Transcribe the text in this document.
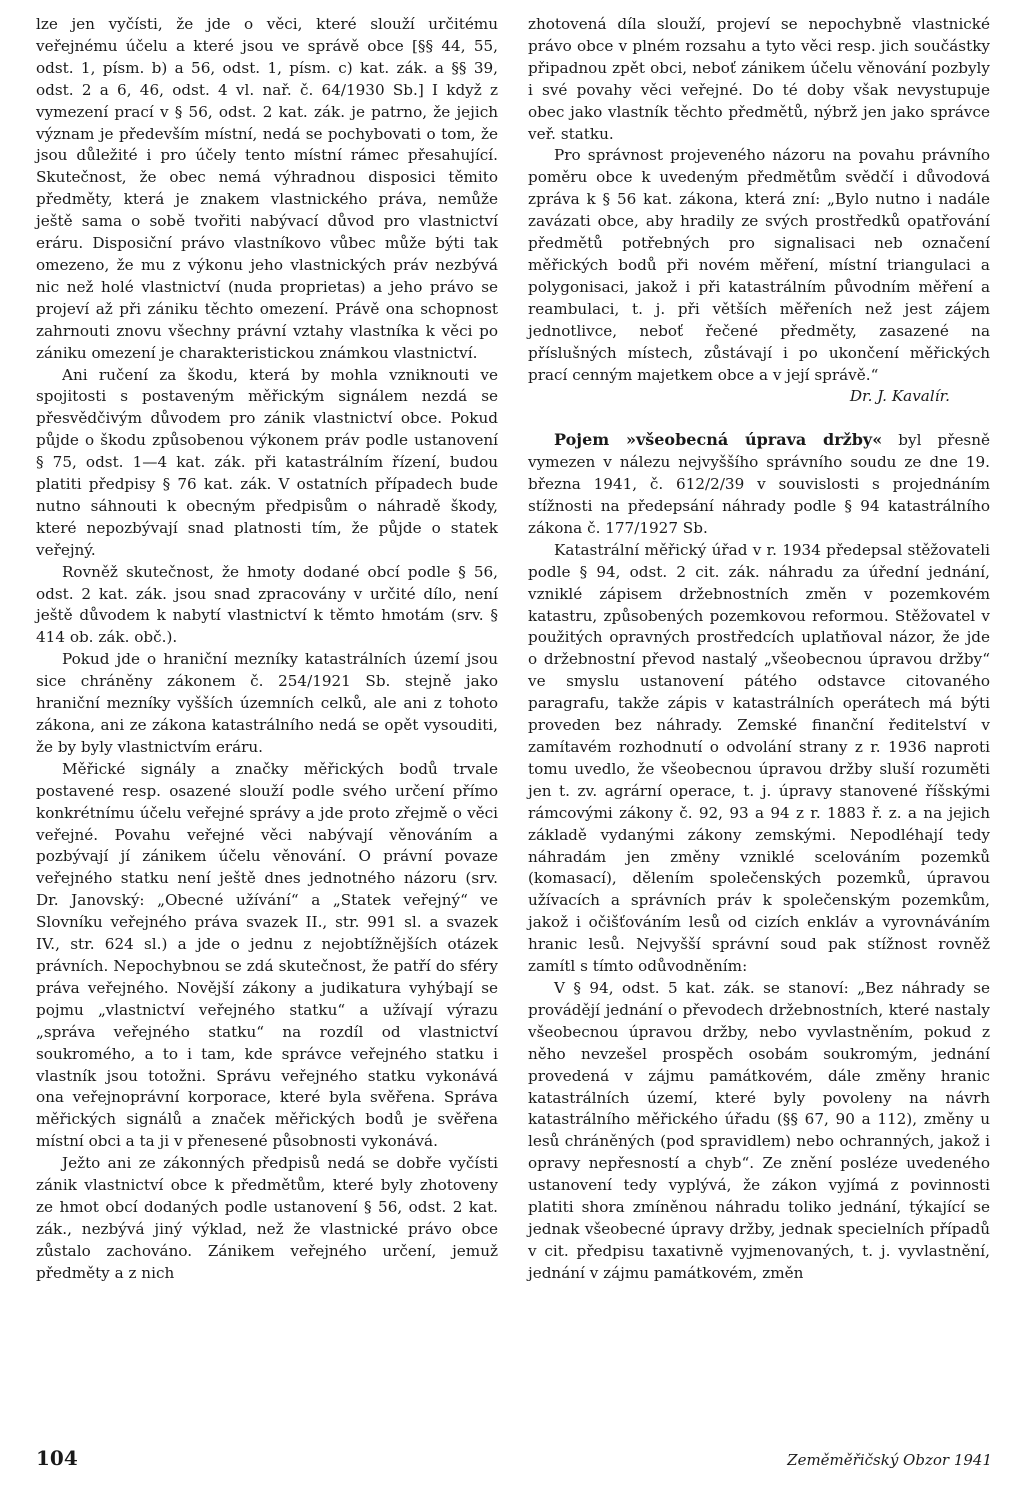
lze jen vyčísti, že jde o věci, které slouží určitému veřejnému účelu a které jsou ve správě obce [§§ 44, 55, odst. 1, písm. b) a 56, odst. 1, písm. c) kat. zák. a §§ 39, odst. 2 a 6, 46, odst. 4 vl. nař. č. 64/1930 Sb.] I když z vymezení prací v § 56, odst. 2 kat. zák. je patrno, že jejich význam je především místní, nedá se pochybovati o tom, že jsou důležité i pro účely tento místní rámec přesahující. Skutečnost, že obec nemá výhradnou disposici těmito předměty, která je znakem vlastnického práva, nemůže ještě sama o sobě tvořiti nabývací důvod pro vlastnictví eráru. Disposiční právo vlastníkovo vůbec může býti tak omezeno, že mu z výkonu jeho vlastnických práv nezbývá nic než holé vlastnictví (nuda proprietas) a jeho právo se projeví až při zániku těchto omezení. Právě ona schopnost zahrnouti znovu všechny právní vztahy vlastníka k věci po zániku omezení je charakteristickou známkou vlastnictví.

Ani ručení za škodu, která by mohla vzniknouti ve spojitosti s postaveným měřickým signálem nezdá se přesvědčivým důvodem pro zánik vlastnictví obce. Pokud půjde o škodu způsobenou výkonem práv podle ustanovení § 75, odst. 1—4 kat. zák. při katastrálním řízení, budou platiti předpisy § 76 kat. zák. V ostatních případech bude nutno sáhnouti k obecným předpisům o náhradě škody, které nepozbývají snad platnosti tím, že půjde o statek veřejný.

Rovněž skutečnost, že hmoty dodané obcí podle § 56, odst. 2 kat. zák. jsou snad zpracovány v určité dílo, není ještě důvodem k nabytí vlastnictví k těmto hmotám (srv. § 414 ob. zák. obč.).

Pokud jde o hraniční mezníky katastrálních území jsou sice chráněny zákonem č. 254/1921 Sb. stejně jako hraniční mezníky vyšších územních celků, ale ani z tohoto zákona, ani ze zákona katastrálního nedá se opět vysouditi, že by byly vlastnictvím eráru.

Měřické signály a značky měřických bodů trvale postavené resp. osazené slouží podle svého určení přímo konkrétnímu účelu veřejné správy a jde proto zřejmě o věci veřejné. Povahu veřejné věci nabývají věnováním a pozbývají jí zánikem účelu věnování. O právní povaze veřejného statku není ještě dnes jednotného názoru (srv. Dr. Janovský: „Obecné užívání“ a „Statek veřejný“ ve Slovníku veřejného práva svazek II., str. 991 sl. a svazek IV., str. 624 sl.) a jde o jednu z nejobtížnějších otázek právních. Nepochybnou se zdá skutečnost, že patří do sféry práva veřejného. Novější zákony a judikatura vyhýbají se pojmu „vlastnictví veřejného statku“ a užívají výrazu „správa veřejného statku“ na rozdíl od vlastnictví soukromého, a to i tam, kde správce veřejného statku i vlastník jsou totožni. Správu veřejného statku vykonává ona veřejnoprávní korporace, které byla svěřena. Správa měřických signálů a značek měřických bodů je svěřena místní obci a ta ji v přenesené působnosti vykonává.

Ježto ani ze zákonných předpisů nedá se dobře vyčísti zánik vlastnictví obce k předmětům, které byly zhotoveny ze hmot obcí dodaných podle ustanovení § 56, odst. 2 kat. zák., nezbývá jiný výklad, než že vlastnické právo obce zůstalo zachováno. Zánikem veřejného určení, jemuž předměty a z nich

zhotovená díla slouží, projeví se nepochybně vlastnické právo obce v plném rozsahu a tyto věci resp. jich součástky připadnou zpět obci, neboť zánikem účelu věnování pozbyly i své povahy věci veřejné. Do té doby však nevystupuje obec jako vlastník těchto předmětů, nýbrž jen jako správce veř. statku.

Pro správnost projeveného názoru na povahu právního poměru obce k uvedeným předmětům svědčí i důvodová zpráva k § 56 kat. zákona, která zní: „Bylo nutno i nadále zavázati obce, aby hradily ze svých prostředků opatřování předmětů potřebných pro signalisaci neb označení měřických bodů při novém měření, místní triangulaci a polygonisaci, jakož i při katastrálním původním měření a reambulaci, t. j. při větších měřeních než jest zájem jednotlivce, neboť řečené předměty, zasazené na příslušných místech, zůstávají i po ukončení měřických prací cenným majetkem obce a v její správě.“

Dr. J. Kavalír.

Pojem »všeobecná úprava držby« byl přesně vymezen v nálezu nejvyššího správního soudu ze dne 19. března 1941, č. 612/2/39 v souvislosti s projednáním stížnosti na předepsání náhrady podle § 94 katastrálního zákona č. 177/1927 Sb.

Katastrální měřický úřad v r. 1934 předepsal stěžovateli podle § 94, odst. 2 cit. zák. náhradu za úřední jednání, vzniklé zápisem držebnostních změn v pozemkovém katastru, způsobených pozemkovou reformou. Stěžovatel v použitých opravných prostředcích uplatňoval názor, že jde o držebnostní převod nastalý „všeobecnou úpravou držby“ ve smyslu ustanovení pátého odstavce citovaného paragrafu, takže zápis v katastrálních operátech má býti proveden bez náhrady. Zemské finanční ředitelství v zamítavém rozhodnutí o odvolání strany z r. 1936 naproti tomu uvedlo, že všeobecnou úpravou držby sluší rozuměti jen t. zv. agrární operace, t. j. úpravy stanovené říšskými rámcovými zákony č. 92, 93 a 94 z r. 1883 ř. z. a na jejich základě vydanými zákony zemskými. Nepodléhají tedy náhradám jen změny vzniklé scelováním pozemků (komasací), dělením společenských pozemků, úpravou užívacích a správních práv k společenským pozemkům, jakož i očišťováním lesů od cizích enkláv a vyrovnáváním hranic lesů. Nejvyšší správní soud pak stížnost rovněž zamítl s tímto odůvodněním:

V § 94, odst. 5 kat. zák. se stanoví: „Bez náhrady se provádějí jednání o převodech držebnostních, které nastaly všeobecnou úpravou držby, nebo vyvlastněním, pokud z něho nevzešel prospěch osobám soukromým, jednání provedená v zájmu památkovém, dále změny hranic katastrálních území, které byly povoleny na návrh katastrálního měřického úřadu (§§ 67, 90 a 112), změny u lesů chráněných (pod spravidlem) nebo ochranných, jakož i opravy nepřesností a chyb“. Ze znění posléze uvedeného ustanovení tedy vyplývá, že zákon vyjímá z povinnosti platiti shora zmíněnou náhradu toliko jednání, týkající se jednak všeobecné úpravy držby, jednak specielních případů v cit. předpisu taxativně vyjmenovaných, t. j. vyvlastnění, jednání v zájmu památkovém, změn

104	Zeměměřičský Obzor 1941
